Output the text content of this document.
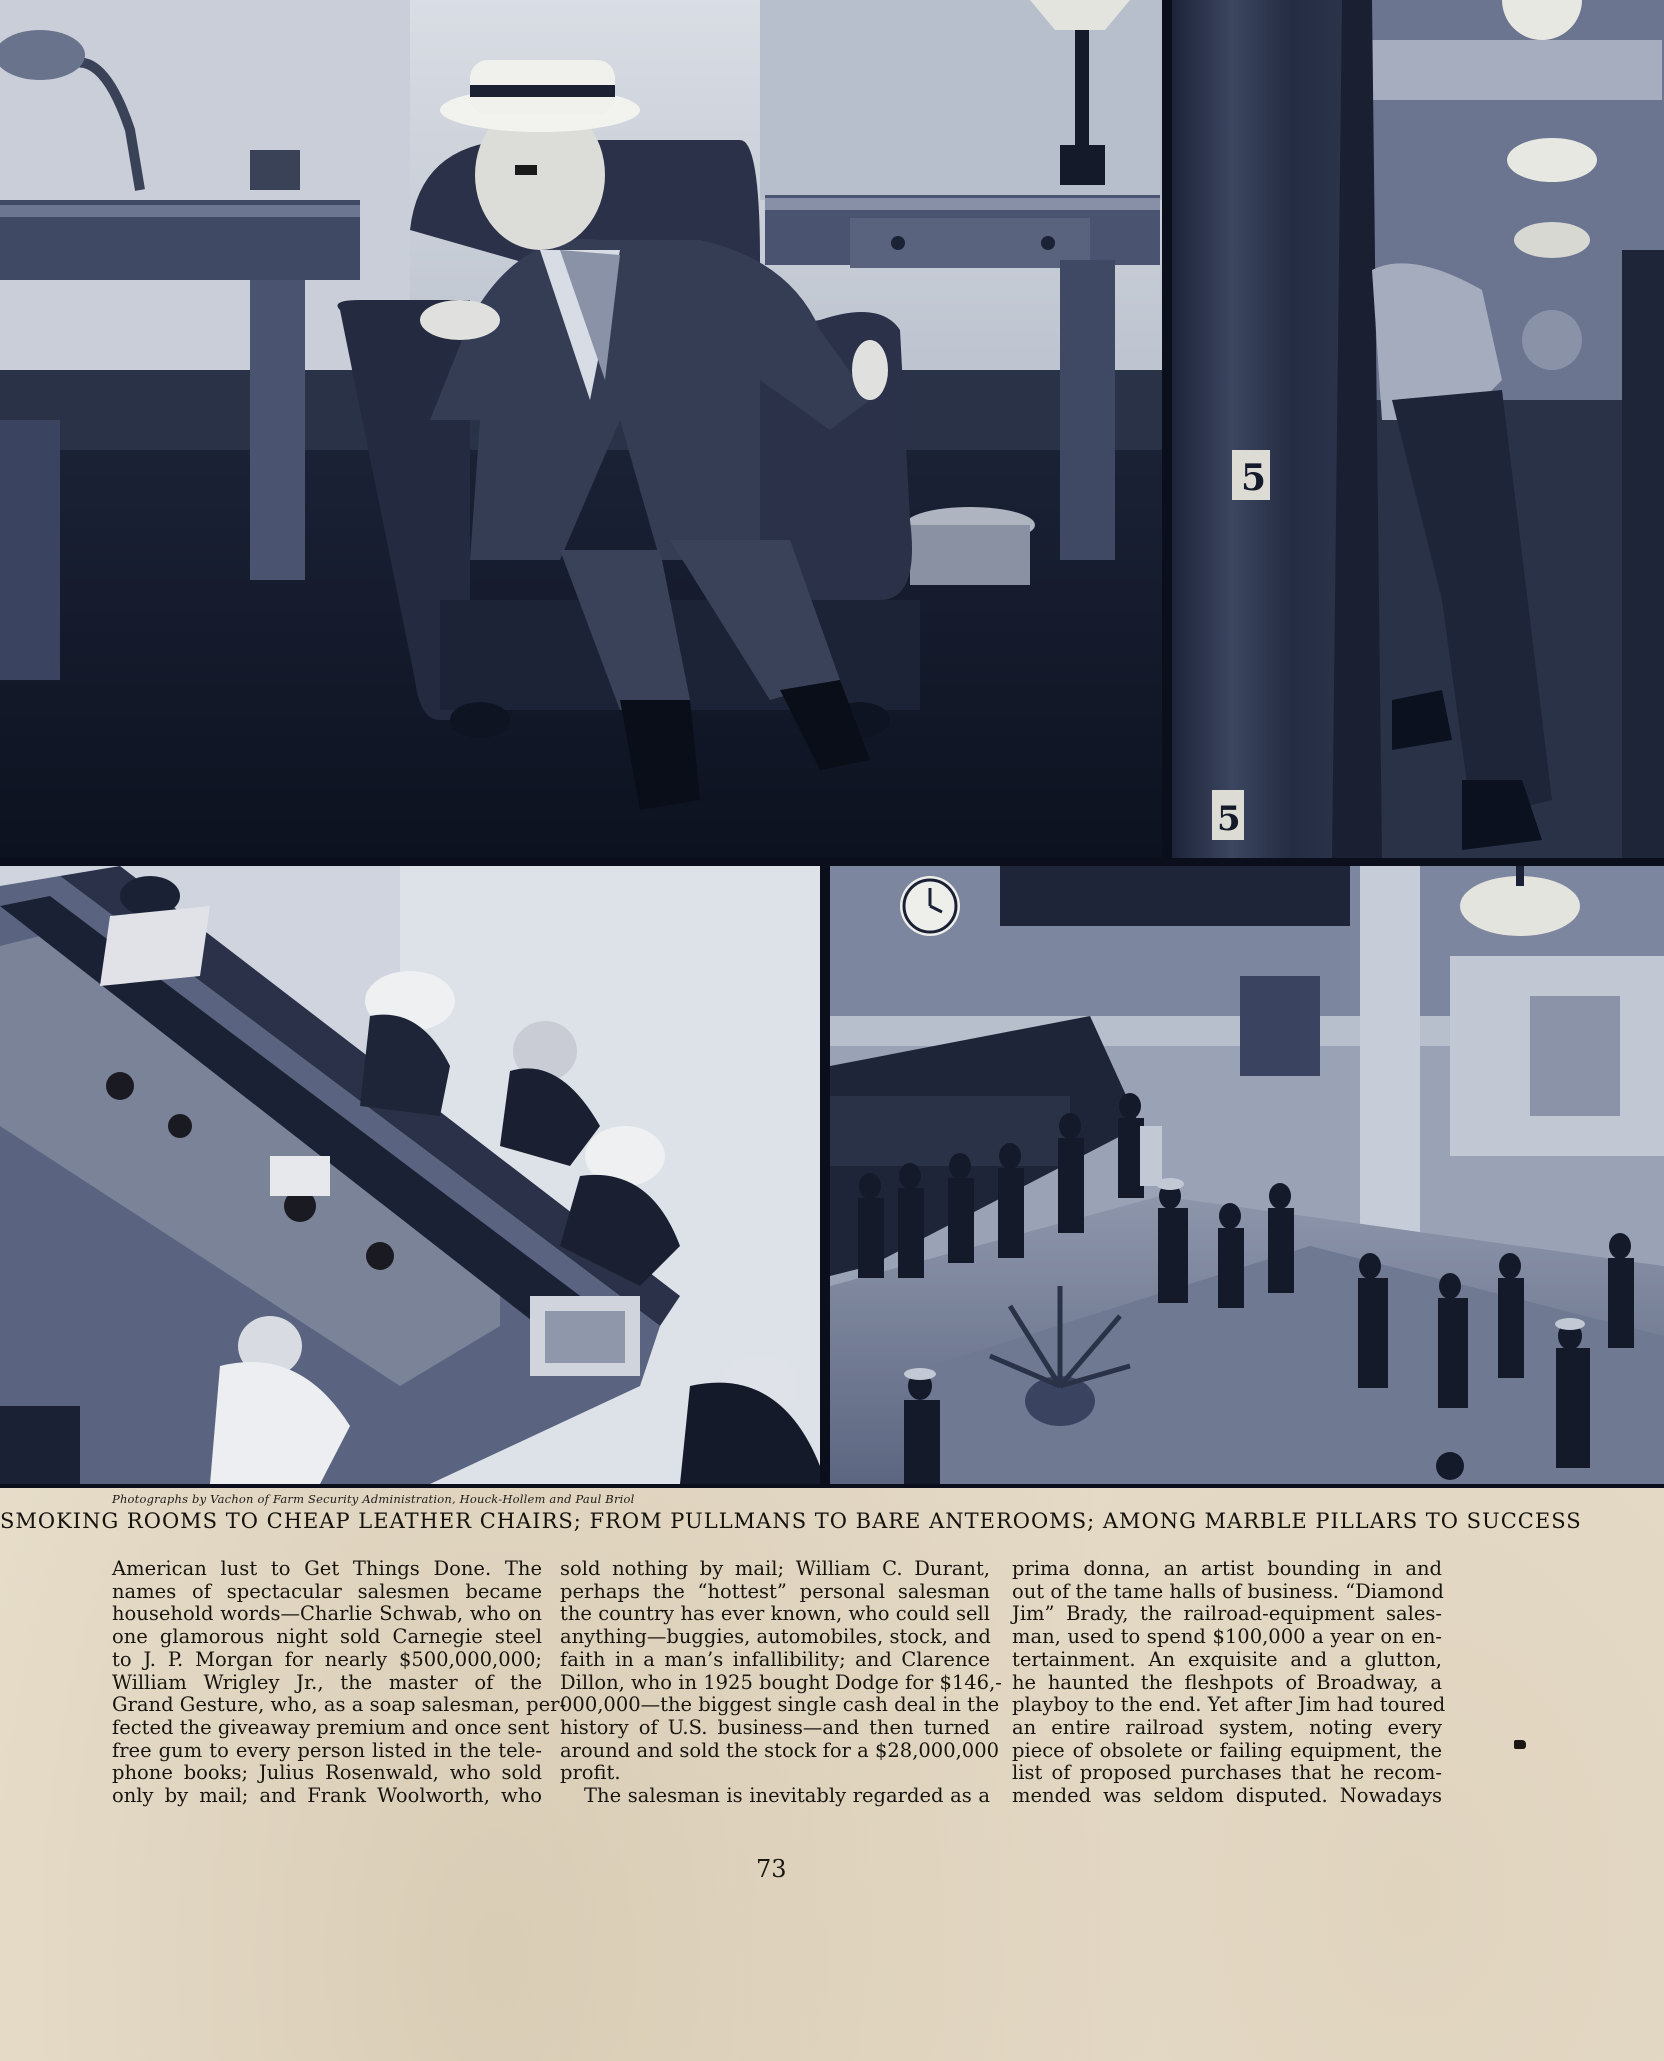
5
5
Photographs by Vachon of Farm Security Administration, Houck-Hollem and Paul Briol
SMOKING ROOMS TO CHEAP LEATHER CHAIRS; FROM PULLMANS TO BARE ANTEROOMS; AMONG MARBLE PILLARS TO SUCCESS
American lust to Get Things Done. The
names of spectacular salesmen became
household words—Charlie Schwab, who on
one glamorous night sold Carnegie steel
to J. P. Morgan for nearly $500,000,000;
William Wrigley Jr., the master of the
Grand Gesture, who, as a soap salesman, per-
fected the giveaway premium and once sent
free gum to every person listed in the tele-
phone books; Julius Rosenwald, who sold
only by mail; and Frank Woolworth, who
sold nothing by mail; William C. Durant,
perhaps the “hottest” personal salesman
the country has ever known, who could sell
anything—buggies, automobiles, stock, and
faith in a man’s infallibility; and Clarence
Dillon, who in 1925 bought Dodge for $146,-
000,000—the biggest single cash deal in the
history of U.S. business—and then turned
around and sold the stock for a $28,000,000
profit.
The salesman is inevitably regarded as a
prima donna, an artist bounding in and
out of the tame halls of business. “Diamond
Jim” Brady, the railroad-equipment sales-
man, used to spend $100,000 a year on en-
tertainment. An exquisite and a glutton,
he haunted the fleshpots of Broadway, a
playboy to the end. Yet after Jim had toured
an entire railroad system, noting every
piece of obsolete or failing equipment, the
list of proposed purchases that he recom-
mended was seldom disputed. Nowadays
73
